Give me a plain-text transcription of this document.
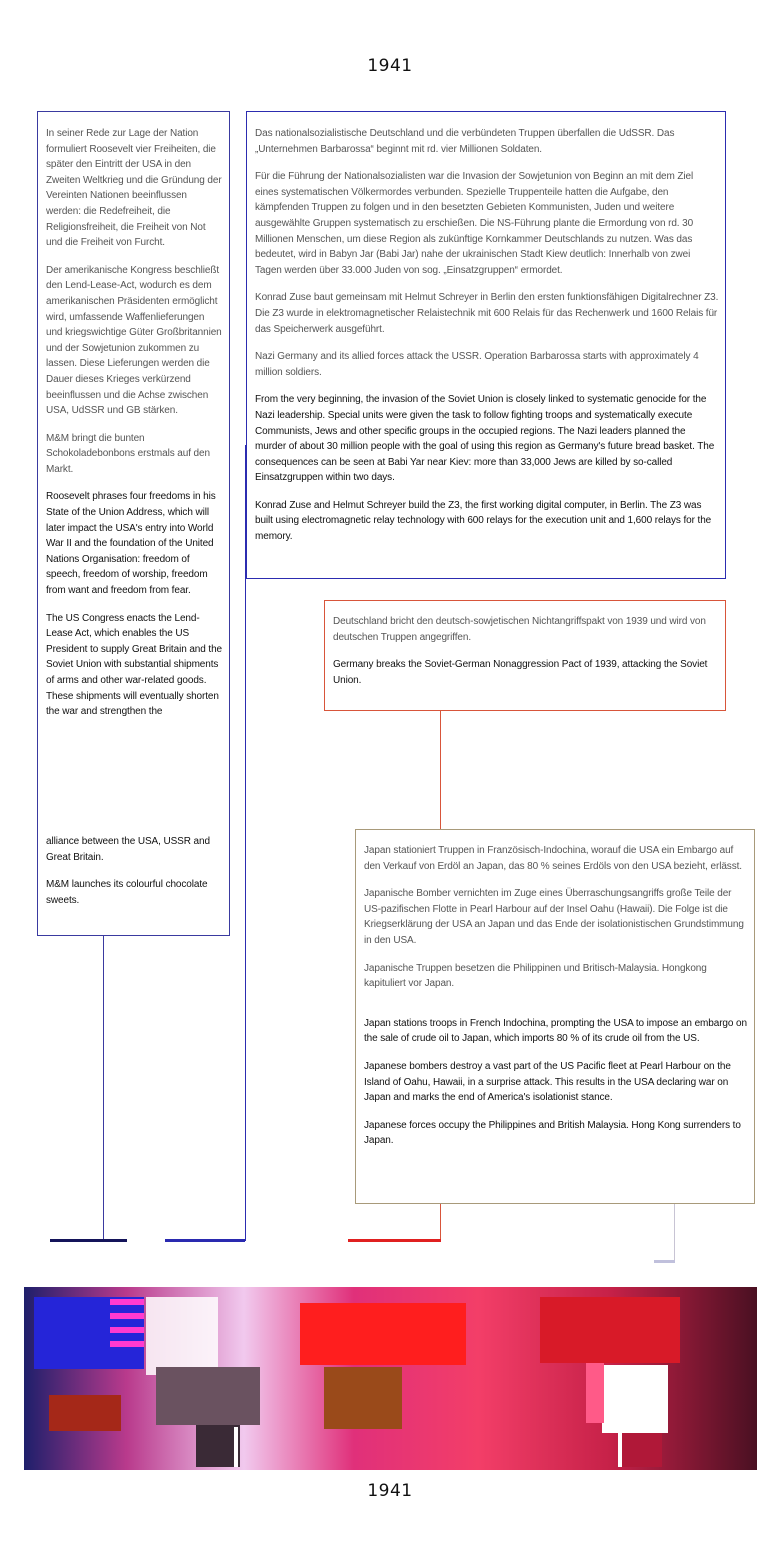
1941

In seiner Rede zur Lage der Nation formuliert Roosevelt vier Freiheiten, die später den Eintritt der USA in den Zweiten Weltkrieg und die Gründung der Vereinten Nationen beeinflussen werden: die Redefreiheit, die Religionsfreiheit, die Freiheit von Not und die Freiheit von Furcht.

Der amerikanische Kongress beschließt den Lend-Lease-Act, wodurch es dem amerikanischen Präsidenten ermöglicht wird, umfassende Waffenlieferungen und kriegswichtige Güter Großbritannien und der Sowjetunion zukommen zu lassen. Diese Lieferungen werden die Dauer dieses Krieges verkürzend beeinflussen und die Achse zwischen USA, UdSSR und GB stärken.

M&M bringt die bunten Schokoladebonbons erstmals auf den Markt.

Roosevelt phrases four freedoms in his State of the Union Address, which will later impact the USA's entry into World War II and the foundation of the United Nations Organisation: freedom of speech, freedom of worship, freedom from want and freedom from fear.

The US Congress enacts the Lend-Lease Act, which enables the US President to supply Great Britain and the Soviet Union with substantial shipments of arms and other war-related goods. These shipments will eventually shorten the war and strengthen the

alliance between the USA, USSR and Great Britain.

M&M launches its colourful chocolate sweets.

Das nationalsozialistische Deutschland und die verbündeten Truppen überfallen die UdSSR. Das „Unternehmen Barbarossa“ beginnt mit rd. vier Millionen Soldaten.

Für die Führung der Nationalsozialisten war die Invasion der Sowjetunion von Beginn an mit dem Ziel eines systematischen Völkermordes verbunden. Spezielle Truppenteile hatten die Aufgabe, den kämpfenden Truppen zu folgen und in den besetzten Gebieten Kommunisten, Juden und weitere ausgewählte Gruppen systematisch zu erschießen. Die NS-Führung plante die Ermordung von rd. 30 Millionen Menschen, um diese Region als zukünftige Kornkammer Deutschlands zu nutzen. Was das bedeutet, wird in Babyn Jar (Babi Jar) nahe der ukrainischen Stadt Kiew deutlich: Innerhalb von zwei Tagen werden über 33.000 Juden von sog. „Einsatzgruppen“ ermordet.

Konrad Zuse baut gemeinsam mit Helmut Schreyer in Berlin den ersten funktionsfähigen Digitalrechner Z3. Die Z3 wurde in elektromagnetischer Relaistechnik mit 600 Relais für das Rechenwerk und 1600 Relais für das Speicherwerk ausgeführt.

Nazi Germany and its allied forces attack the USSR. Operation Barbarossa starts with approximately 4 million soldiers.

From the very beginning, the invasion of the Soviet Union is closely linked to systematic genocide for the Nazi leadership. Special units were given the task to follow fighting troops and systematically execute Communists, Jews and other specific groups in the occupied regions. The Nazi leaders planned the murder of about 30 million people with the goal of using this region as Germany's future bread basket. The consequences can be seen at Babi Yar near Kiev: more than 33,000 Jews are killed by so-called Einsatzgruppen within two days.

Konrad Zuse and Helmut Schreyer build the Z3, the first working digital computer, in Berlin. The Z3 was built using electromagnetic relay technology with 600 relays for the execution unit and 1,600 relays for the memory.

Deutschland bricht den deutsch-sowjetischen Nichtangriffspakt von 1939 und wird von deutschen Truppen angegriffen.

Germany breaks the Soviet-German Nonaggression Pact of 1939, attacking the Soviet Union.

Japan stationiert Truppen in Französisch-Indochina, worauf die USA ein Embargo auf den Verkauf von Erdöl an Japan, das 80 % seines Erdöls von den USA bezieht, erlässt.

Japanische Bomber vernichten im Zuge eines Überraschungsangriffs große Teile der US-pazifischen Flotte in Pearl Harbour auf der Insel Oahu (Hawaii). Die Folge ist die Kriegserklärung der USA an Japan und das Ende der isolationistischen Grundstimmung in den USA.

Japanische Truppen besetzen die Philippinen und Britisch-Malaysia. Hongkong kapituliert vor Japan.

Japan stations troops in French Indochina, prompting the USA to impose an embargo on the sale of crude oil to Japan, which imports 80 % of its crude oil from the US.

Japanese bombers destroy a vast part of the US Pacific fleet at Pearl Harbour on the Island of Oahu, Hawaii, in a surprise attack. This results in the USA declaring war on Japan and marks the end of America's isolationist stance.

Japanese forces occupy the Philippines and British Malaysia. Hong Kong surrenders to Japan.

1941
